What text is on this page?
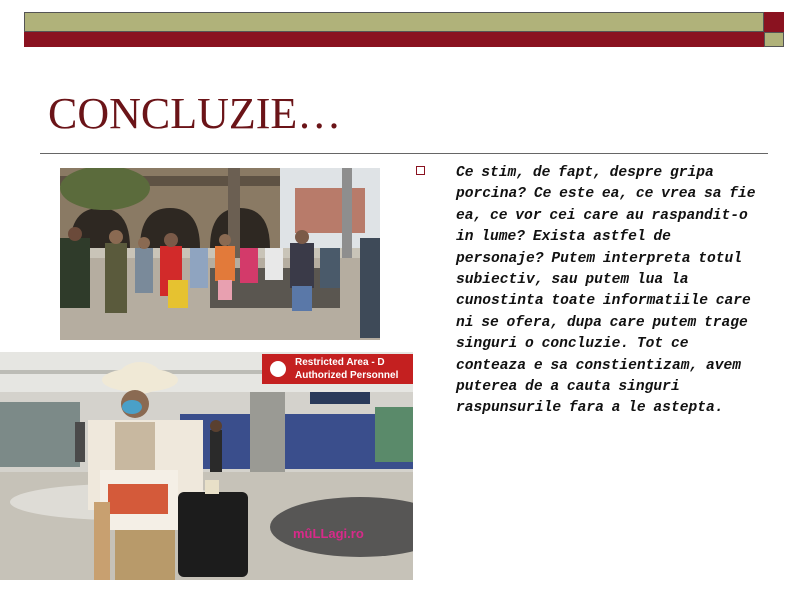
CONCLUZIE…
Restricted Area - D
Authorized Personnel
mûLLagi.ro

Ce stim, de fapt, despre gripa porcina? Ce este ea, ce vrea sa fie ea, ce vor cei care au raspandit-o in lume? Exista astfel de personaje? Putem interpreta totul subiectiv, sau putem lua la cunostinta toate informatiile care ni se ofera, dupa care putem trage singuri o concluzie. Tot ce conteaza e sa constientizam, avem puterea de a cauta singuri raspunsurile fara a le astepta.
